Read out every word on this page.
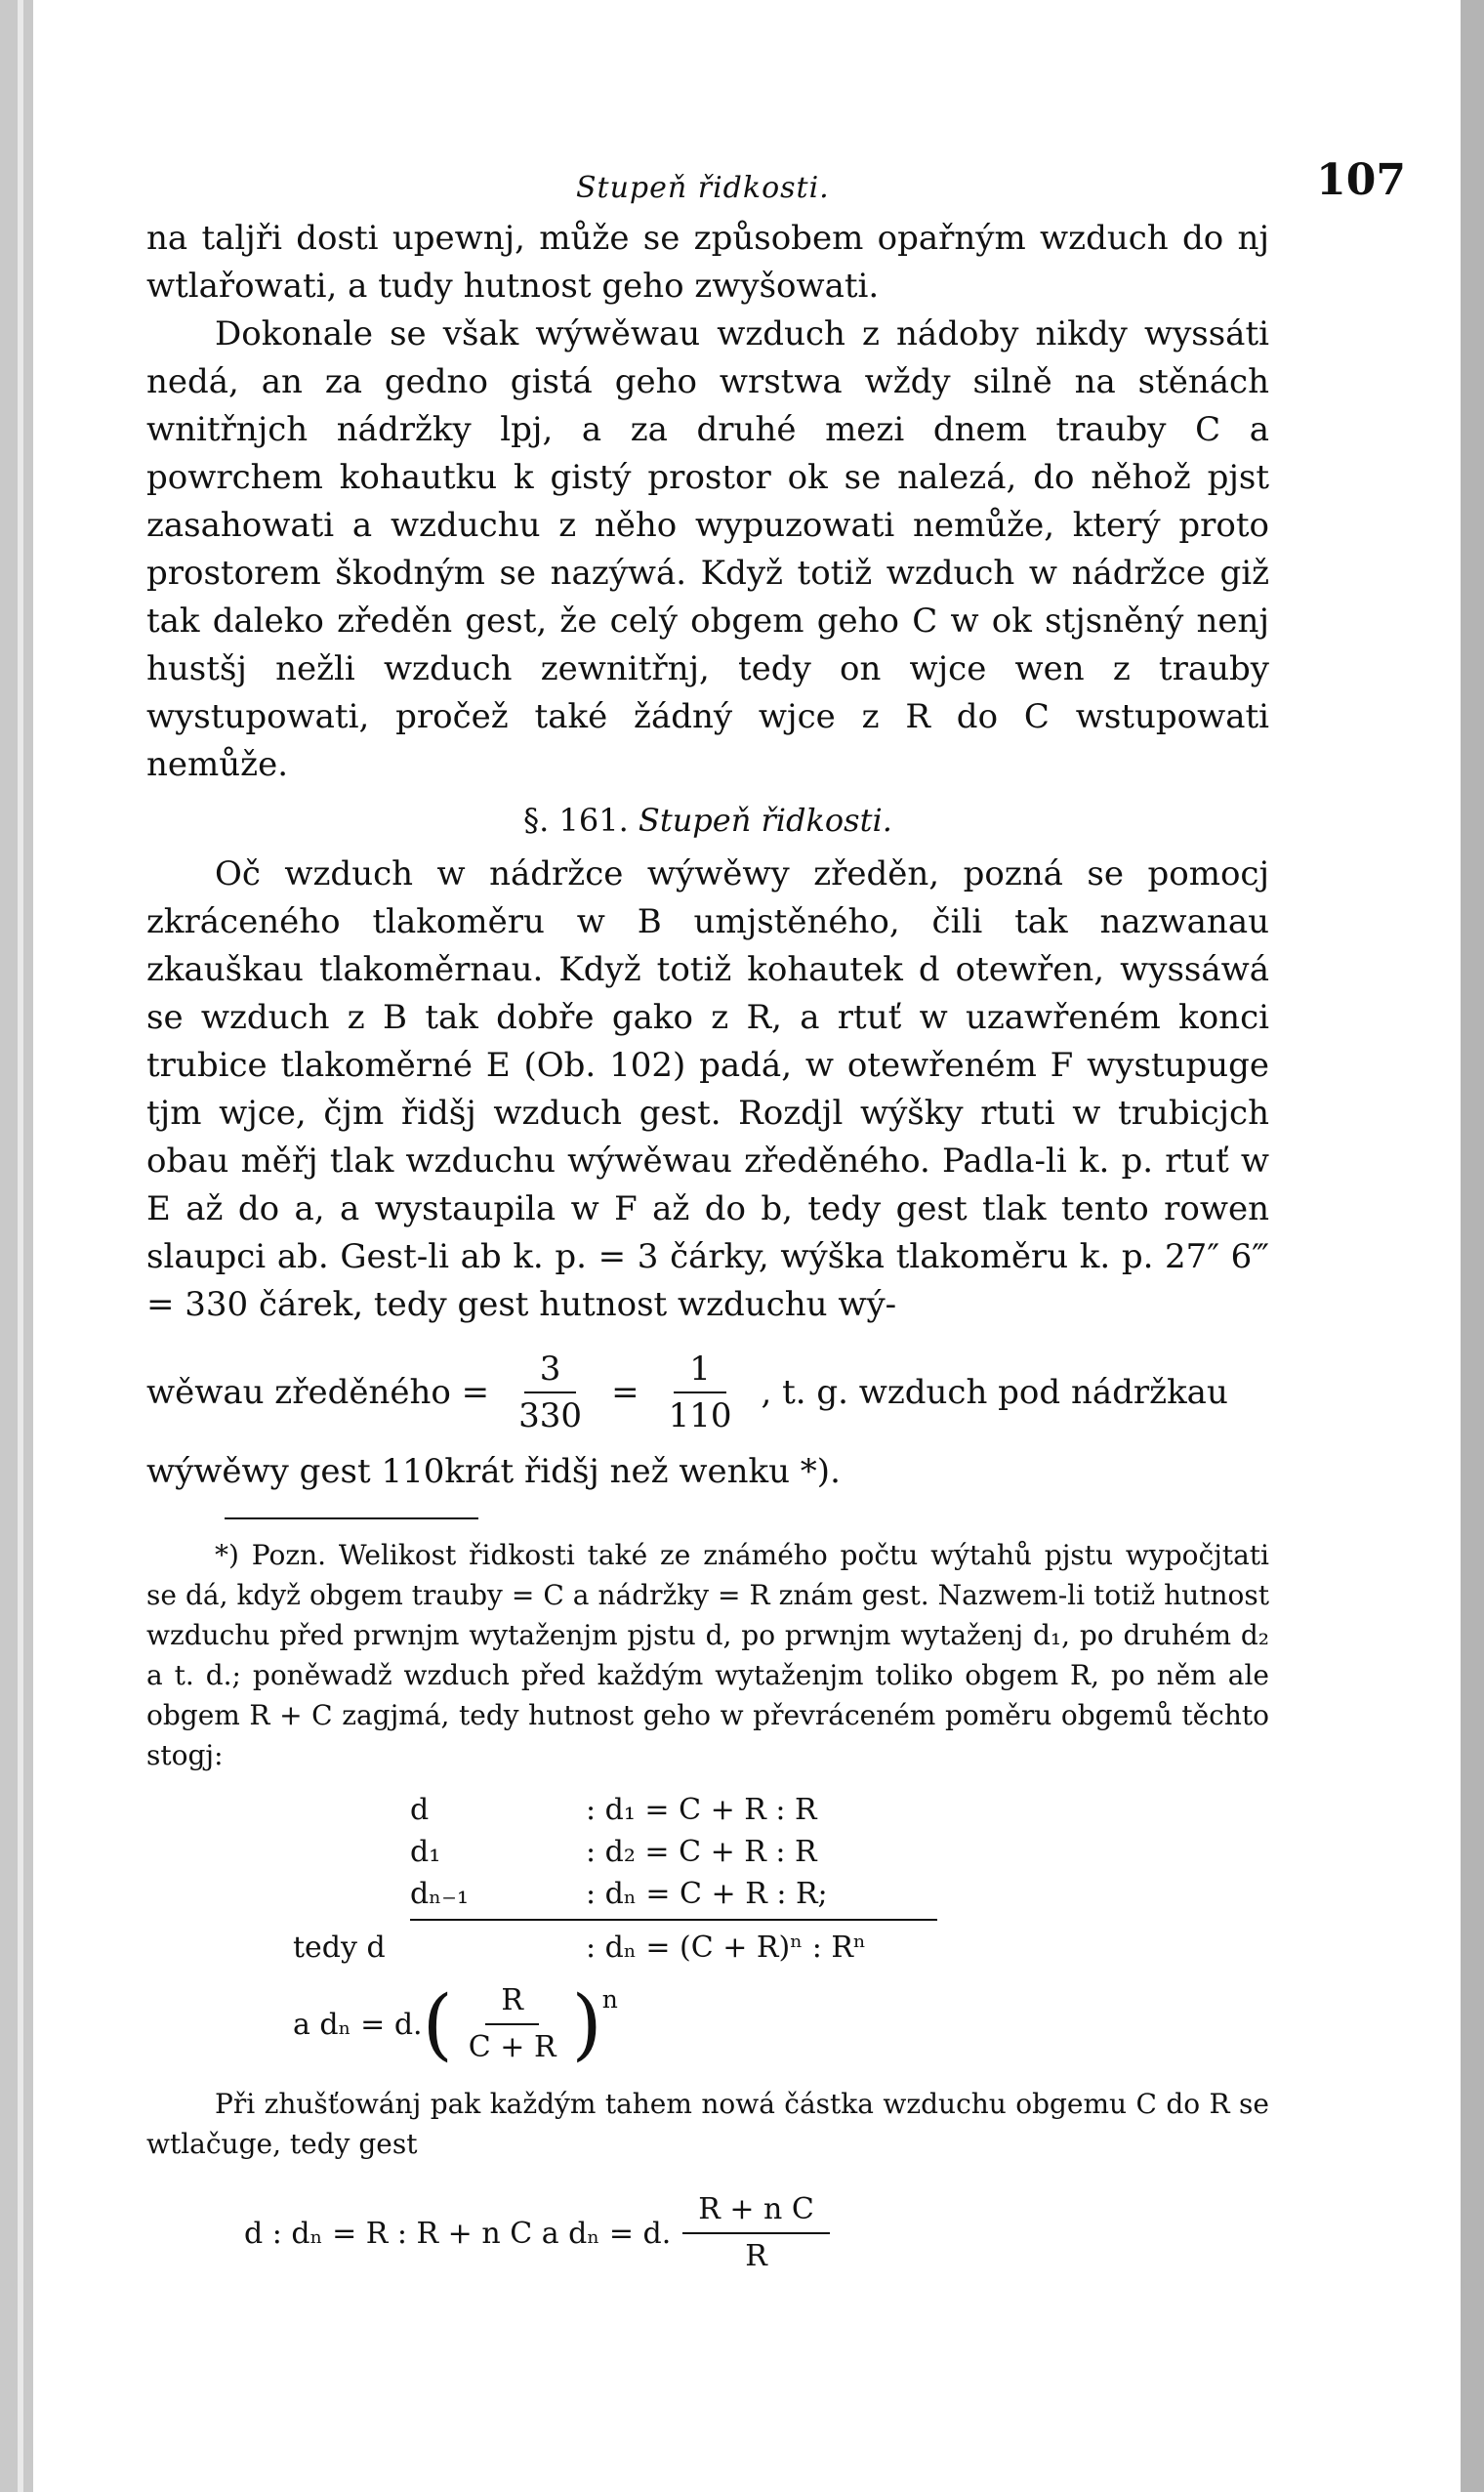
Stupeň řidkosti.	107

na taljři dosti upewnj, může se způsobem opařným wzduch do nj wtlařowati, a tudy hutnost geho zwyšowati.

Dokonale se však wýwěwau wzduch z nádoby nikdy wyssáti nedá, an za gedno gistá geho wrstwa wždy silně na stěnách wnitřnjch nádržky lpj, a za druhé mezi dnem trauby C a powrchem kohautku k gistý prostor ok se nalezá, do něhož pjst zasahowati a wzduchu z něho wypuzowati nemůže, který proto prostorem škodným se nazýwá. Když totiž wzduch w nádržce giž tak daleko zředěn gest, že celý obgem geho C w ok stjsněný nenj hustšj nežli wzduch zewnitřnj, tedy on wjce wen z trauby wystupowati, pročež také žádný wjce z R do C wstupowati nemůže.

§. 161. Stupeň řidkosti.

Oč wzduch w nádržce wýwěwy zředěn, pozná se pomocj zkráceného tlakoměru w B umjstěného, čili tak nazwanau zkauškau tlakoměrnau. Když totiž kohautek d otewřen, wyssáwá se wzduch z B tak dobře gako z R, a rtuť w uzawřeném konci trubice tlakoměrné E (Ob. 102) padá, w otewřeném F wystupuge tjm wjce, čjm řidšj wzduch gest. Rozdjl wýšky rtuti w trubicjch obau měřj tlak wzduchu wýwěwau zředěného. Padla-li k. p. rtuť w E až do a, a wystaupila w F až do b, tedy gest tlak tento rowen slaupci ab. Gest-li ab k. p. = 3 čárky, wýška tlakoměru k. p. 27″ 6‴ = 330 čárek, tedy gest hutnost wzduchu wý-

wěwau zředěného = $\frac{3}{330} = \frac{1}{110}$ , t. g. wzduch pod nádržkau

wýwěwy gest 110krát řidšj než wenku *).

*) Pozn. Welikost řidkosti také ze známého počtu wýtahů pjstu wypočjtati se dá, když obgem trauby = C a nádržky = R znám gest. Nazwem-li totiž hutnost wzduchu před prwnjm wytaženjm pjstu d, po prwnjm wytaženj d₁, po druhém d₂ a t. d.; poněwadž wzduch před každým wytaženjm toliko obgem R, po něm ale obgem R + C zagjmá, tedy hutnost geho w převráceném poměru obgemů těchto stogj:

d	: d₁ = C + R : R
d₁	: d₂ = C + R : R
dₙ₋₁	: dₙ = C + R : R;
tedy d	: dₙ = (C + R)ⁿ : Rⁿ
a dₙ = d. ( $\frac{R}{C + R} )^n$

Při zhušťowánj pak každým tahem nowá částka wzduchu obgemu C do R se wtlačuge, tedy gest

d : dₙ = R : R + n C a dₙ = d. $\frac{\text{R + n C}}{R}$
